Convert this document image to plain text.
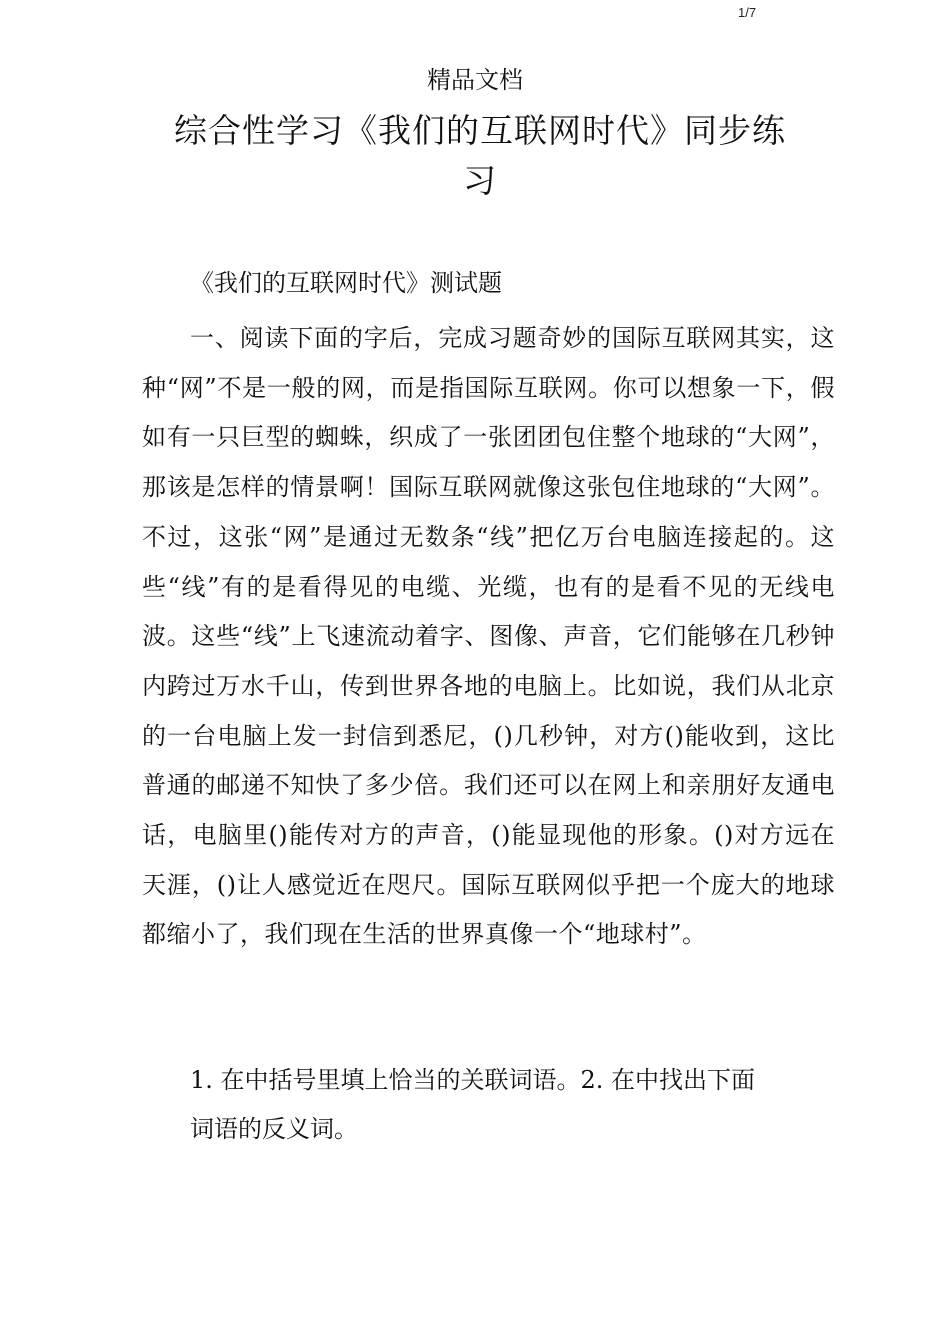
1/7
精品文档
综合性学习《我们的互联网时代》同步练习
《我们的互联网时代》测试题

一、阅读下面的字后，完成习题奇妙的国际互联网其实，这种“网”不是一般的网，而是指国际互联网。你可以想象一下，假如有一只巨型的蜘蛛，织成了一张团团包住整个地球的“大网”，那该是怎样的情景啊！国际互联网就像这张包住地球的“大网”。不过，这张“网”是通过无数条“线”把亿万台电脑连接起的。这些“线”有的是看得见的电缆、光缆，也有的是看不见的无线电波。这些“线”上飞速流动着字、图像、声音，它们能够在几秒钟内跨过万水千山，传到世界各地的电脑上。比如说，我们从北京的一台电脑上发一封信到悉尼，()几秒钟，对方()能收到，这比普通的邮递不知快了多少倍。我们还可以在网上和亲朋好友通电话，电脑里()能传对方的声音，()能显现他的形象。()对方远在天涯，()让人感觉近在咫尺。国际互联网似乎把一个庞大的地球都缩小了，我们现在生活的世界真像一个“地球村”。

1. 在中括号里填上恰当的关联词语。2. 在中找出下面
词语的反义词。
